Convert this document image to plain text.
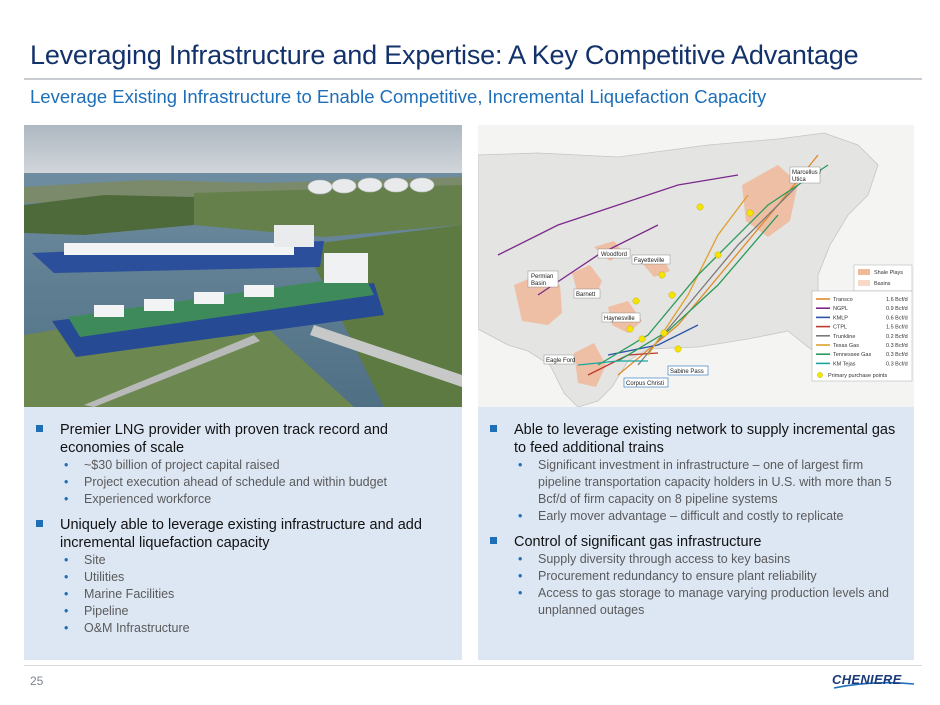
Leveraging Infrastructure and Expertise: A Key Competitive Advantage
Leverage Existing Infrastructure to Enable Competitive, Incremental Liquefaction Capacity
Woodford
Fayetteville
Permian
Basin
Barnett
Haynesville
Eagle Ford
Marcellus /
Utica
Sabine Pass
Corpus Christi
Shale Plays
Basins
Transco	1.6 Bcf/d
NGPL	0.9 Bcf/d
KMLP	0.6 Bcf/d
CTPL	1.5 Bcf/d
Trunkline	0.2 Bcf/d
Texas Gas	0.3 Bcf/d
Tennessee Gas	0.3 Bcf/d
KM Tejas	0.3 Bcf/d
Primary purchase points
Premier LNG provider with proven track record and economies of scale
• ~$30 billion of project capital raised
• Project execution ahead of schedule and within budget
• Experienced workforce
Uniquely able to leverage existing infrastructure and add incremental liquefaction capacity
• Site
• Utilities
• Marine Facilities
• Pipeline
• O&M Infrastructure
Able to leverage existing network to supply incremental gas to feed additional trains
• Significant investment in infrastructure – one of largest firm pipeline transportation capacity holders in U.S. with more than 5 Bcf/d of firm capacity on 8 pipeline systems
• Early mover advantage – difficult and costly to replicate
Control of significant gas infrastructure
• Supply diversity through access to key basins
• Procurement redundancy to ensure plant reliability
• Access to gas storage to manage varying production levels and unplanned outages
25	CHENIERE
